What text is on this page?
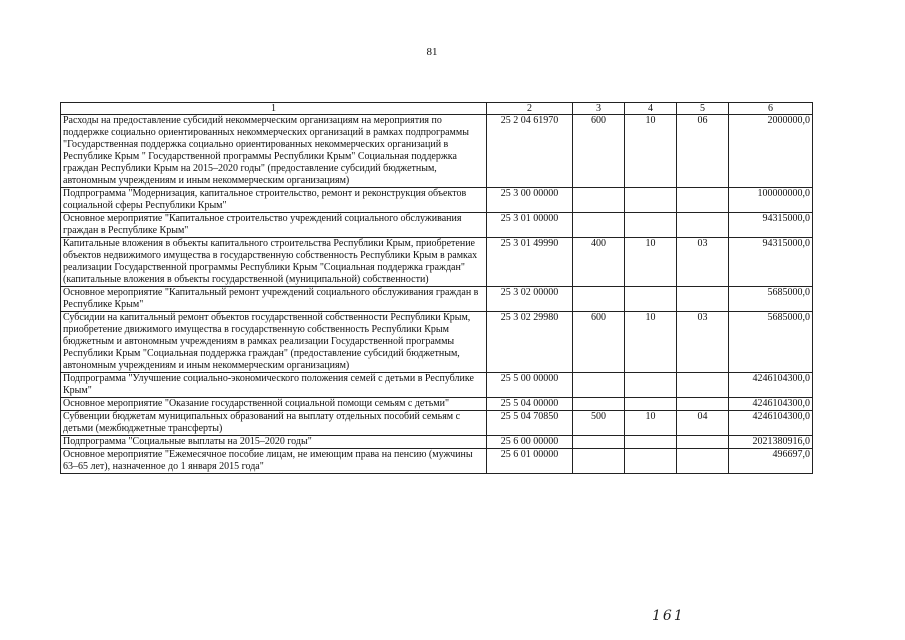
81
1	2	3	4	5	6
Расходы на предоставление субсидий некоммерческим организациям на мероприятия по поддержке социально ориентированных некоммерческих организаций в рамках подпрограммы "Государственная поддержка социально ориентированных некоммерческих организаций в Республике Крым " Государственной программы Республики Крым" Социальная поддержка граждан Республики Крым на 2015–2020 годы" (предоставление субсидий бюджетным, автономным учреждениям и иным некоммерческим организациям)	25 2 04 61970	600	10	06	2000000,0
Подпрограмма "Модернизация, капитальное строительство, ремонт и реконструкция объектов социальной сферы Республики Крым"	25 3 00 00000				100000000,0
Основное мероприятие "Капитальное строительство учреждений социального обслуживания граждан в Республике Крым"	25 3 01 00000				94315000,0
Капитальные вложения в объекты капитального строительства Республики Крым, приобретение объектов недвижимого имущества в государственную собственность Республики Крым в рамках реализации Государственной программы Республики Крым "Социальная поддержка граждан" (капитальные вложения в объекты государственной (муниципальной) собственности)	25 3 01 49990	400	10	03	94315000,0
Основное мероприятие "Капитальный ремонт учреждений социального обслуживания граждан в Республике Крым"	25 3 02 00000				5685000,0
Субсидии на капитальный ремонт объектов государственной собственности Республики Крым, приобретение движимого имущества в государственную собственность Республики Крым бюджетным и автономным учреждениям в рамках реализации Государственной программы Республики Крым "Социальная поддержка граждан" (предоставление субсидий бюджетным, автономным учреждениям и иным некоммерческим организациям)	25 3 02 29980	600	10	03	5685000,0
Подпрограмма "Улучшение социально-экономического положения семей с детьми в Республике Крым"	25 5 00 00000				4246104300,0
Основное мероприятие "Оказание государственной социальной помощи семьям с детьми"	25 5 04 00000				4246104300,0
Субвенции бюджетам муниципальных образований на выплату отдельных пособий семьям с детьми (межбюджетные трансферты)	25 5 04 70850	500	10	04	4246104300,0
Подпрограмма "Социальные выплаты на 2015–2020 годы"	25 6 00 00000				2021380916,0
Основное мероприятие "Ежемесячное пособие лицам, не имеющим права на пенсию (мужчины 63–65 лет), назначенное до 1 января 2015 года"	25 6 01 00000				496697,0
161
